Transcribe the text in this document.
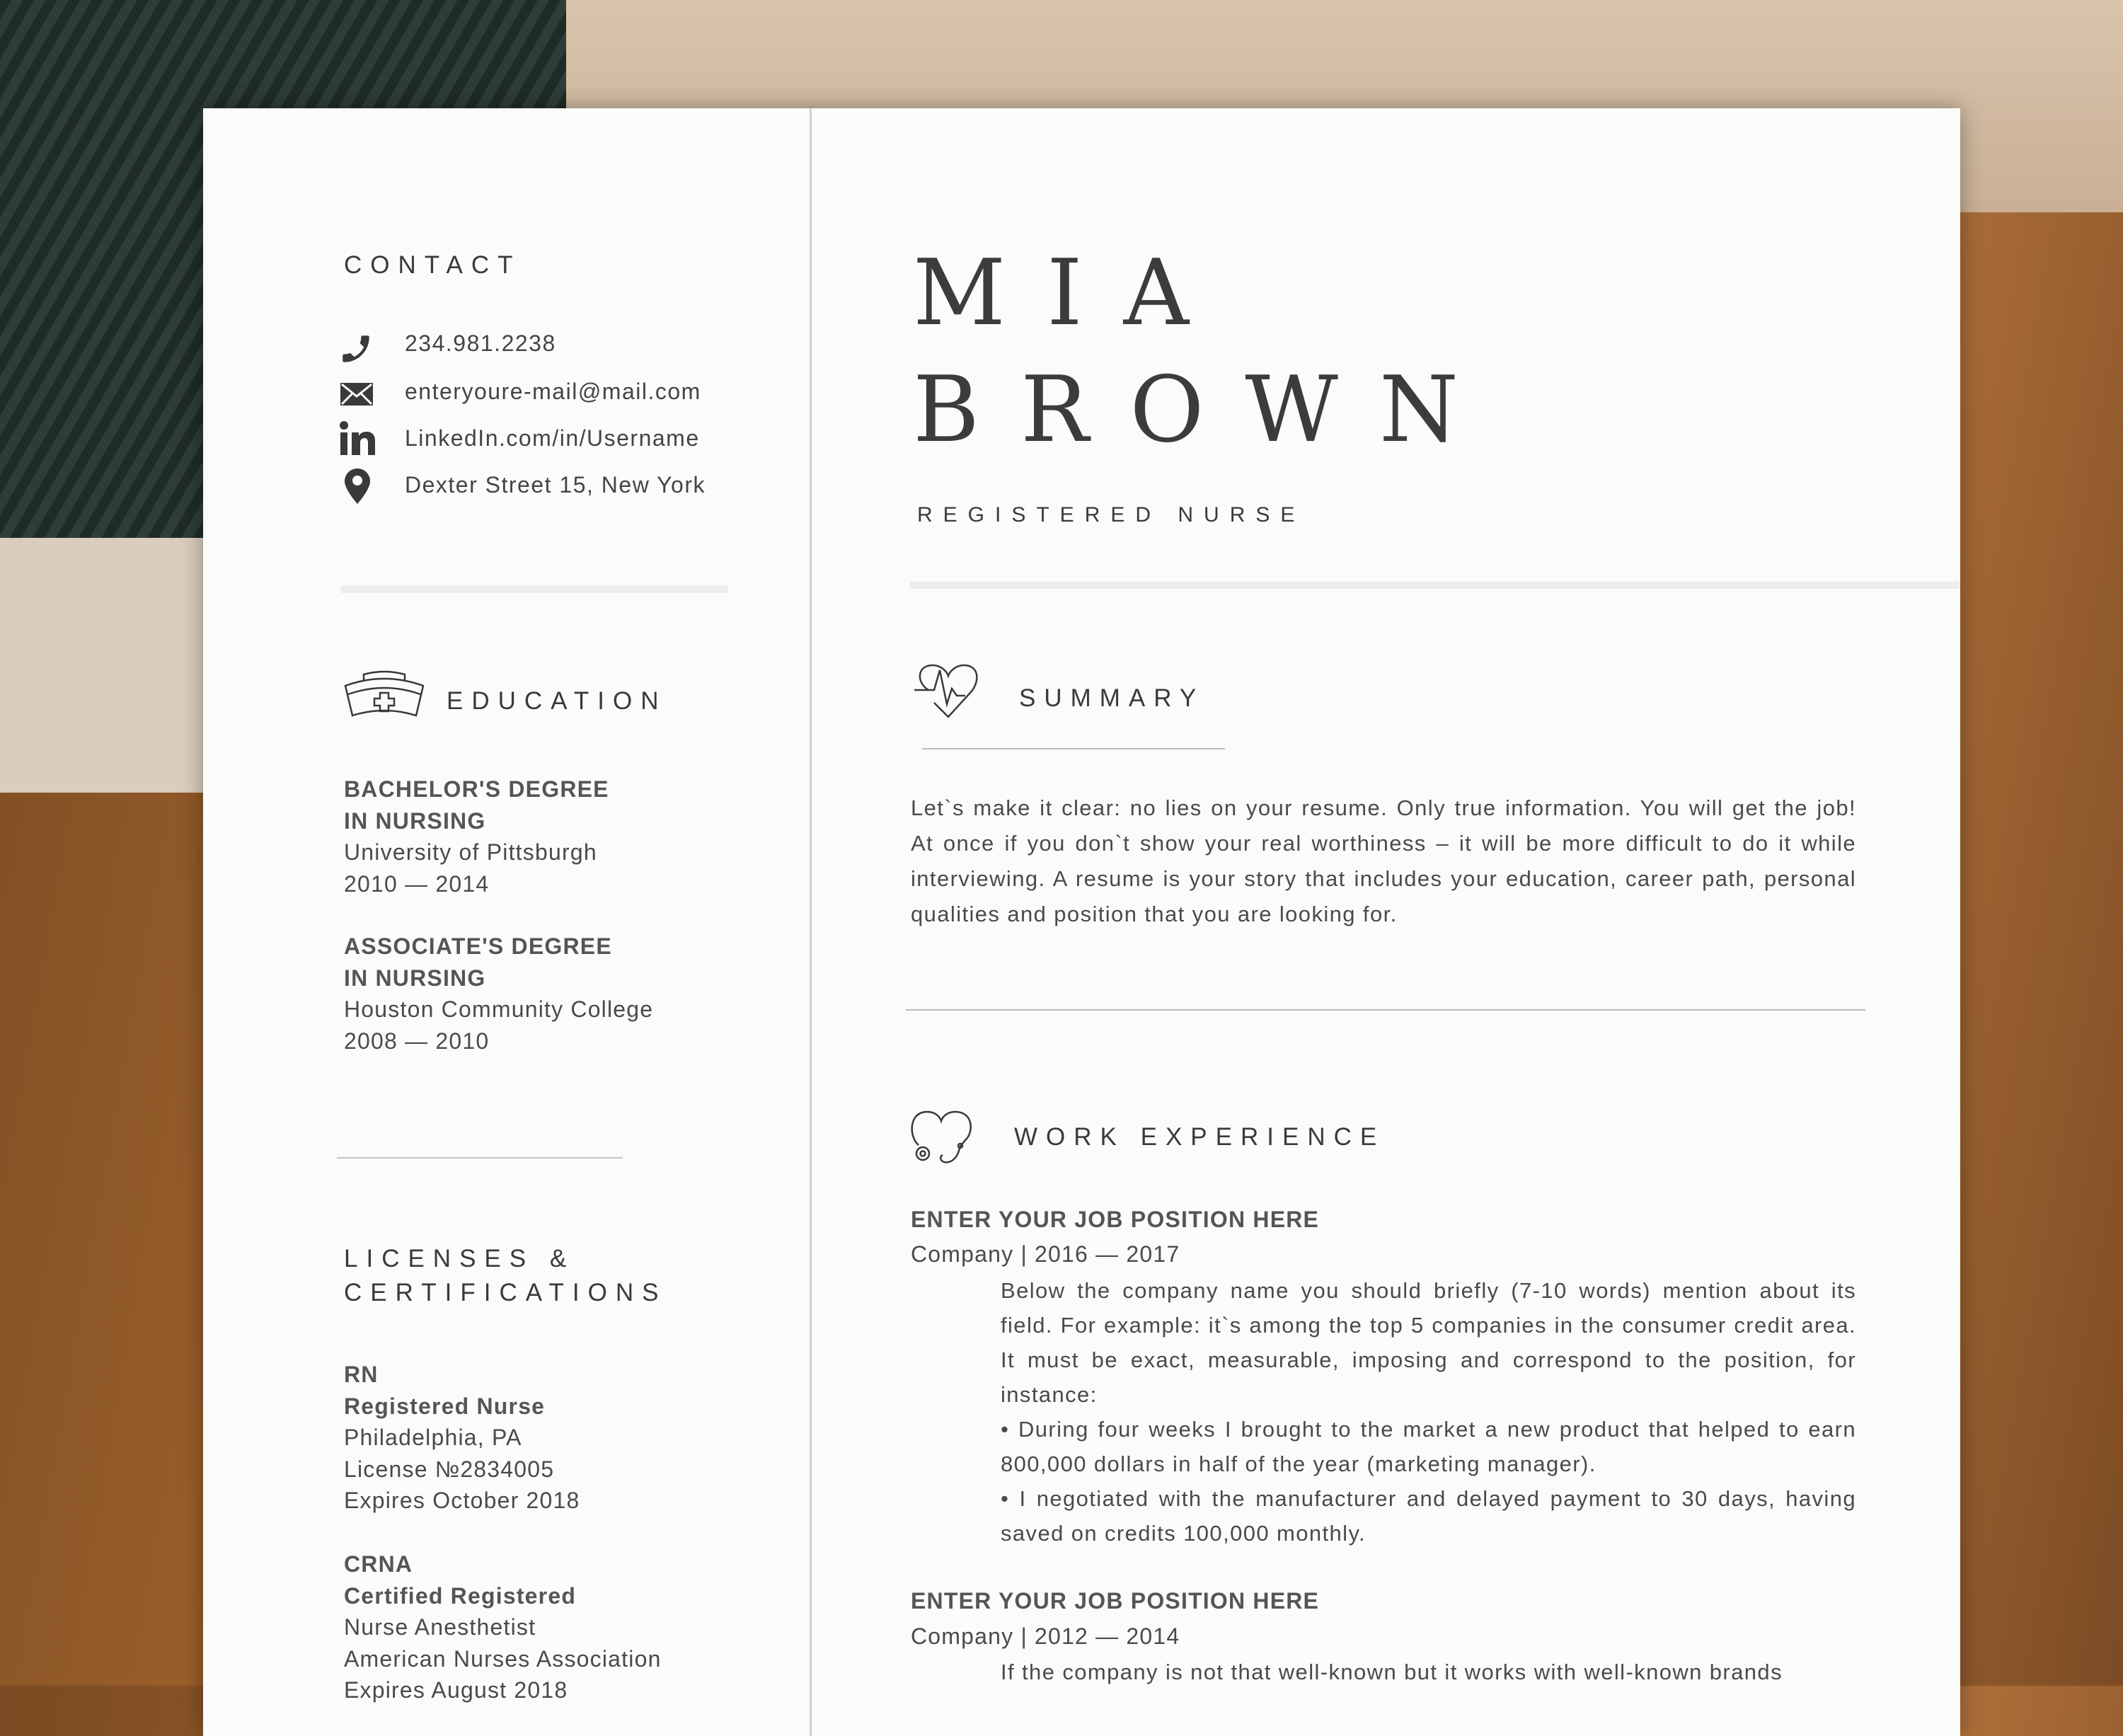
CONTACT
234.981.2238
enteryoure-mail@mail.com
LinkedIn.com/in/Username
Dexter Street 15, New York
EDUCATION
BACHELOR'S DEGREE
IN NURSING
University of Pittsburgh
2010 — 2014
ASSOCIATE'S DEGREE
IN NURSING
Houston Community College
2008 — 2010
LICENSES &
CERTIFICATIONS
RN
Registered Nurse
Philadelphia, PA
License №2834005
Expires October 2018
CRNA
Certified Registered
Nurse Anesthetist
American Nurses Association
Expires August 2018
MIA
BROWN
REGISTERED NURSE
SUMMARY
Let`s make it clear: no lies on your resume. Only true information. You will get the job! At once if you don`t show your real worthiness – it will be more difficult to do it while interviewing. A resume is your story that includes your education, career path, personal qualities and position that you are looking for.
WORK EXPERIENCE
ENTER YOUR JOB POSITION HERE
Company | 2016 — 2017
Below the company name you should briefly (7-10 words) mention about its field. For example: it`s among the top 5 companies in the consumer credit area. It must be exact, measurable, imposing and correspond to the position, for instance:
• During four weeks I brought to the market a new product that helped to earn 800,000 dollars in half of the year (marketing manager).
• I negotiated with the manufacturer and delayed payment to 30 days, having saved on credits 100,000 monthly.
ENTER YOUR JOB POSITION HERE
Company | 2012 — 2014
If the company is not that well-known but it works with well-known brands
